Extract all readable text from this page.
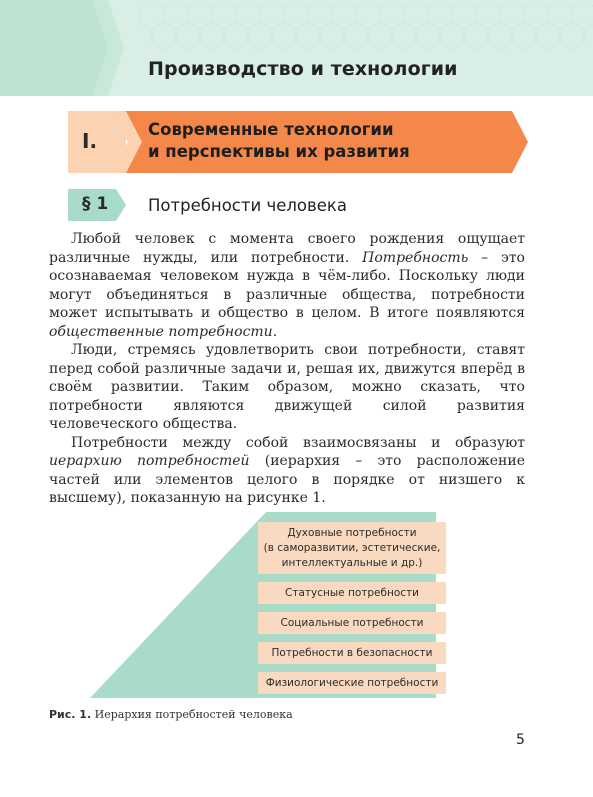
Производство и технологии
I.	Современные технологии
и перспективы их развития
§ 1 Потребности человека

Любой человек с момента своего рождения ощущает различные нужды, или потребности. Потребность – это осознаваемая человеком нужда в чём-либо. Поскольку люди могут объединяться в различные общества, потребности может испытывать и общество в целом. В итоге появляются общественные потребности.

Люди, стремясь удовлетворить свои потребности, ставят перед собой различные задачи и, решая их, движутся вперёд в своём развитии. Таким образом, можно сказать, что потребности являются движущей силой развития человеческого общества.

Потребности между собой взаимосвязаны и образуют иерархию потребностей (иерархия – это расположение частей или элементов целого в порядке от низшего к высшему), показанную на рисунке 1.

Духовные потребности
(в саморазвитии, эстетические,
интеллектуальные и др.)
Статусные потребности
Социальные потребности
Потребности в безопасности
Физиологические потребности
Рис. 1. Иерархия потребностей человека
5
